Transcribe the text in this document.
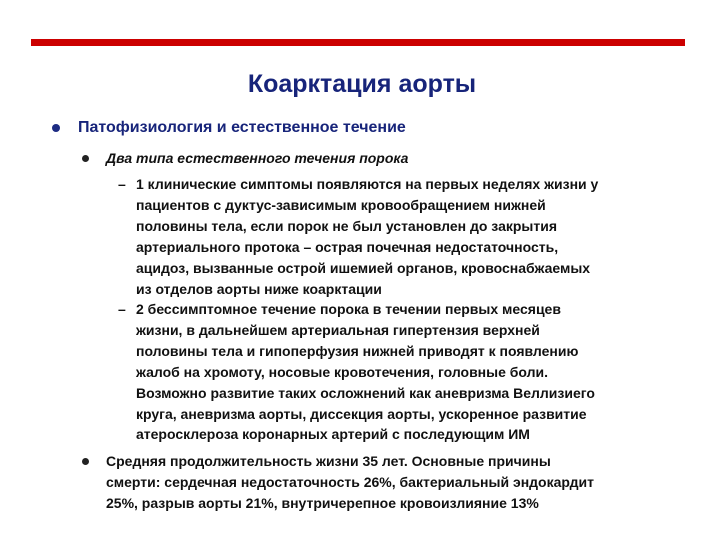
Коарктация аорты
Патофизиология и естественное течение
Два типа естественного течения порока
– 1 клинические симптомы появляются на первых неделях жизни у
пациентов с дуктус-зависимым кровообращением нижней
половины тела, если порок не был установлен до закрытия
артериального протока – острая почечная недостаточность,
ацидоз, вызванные острой ишемией органов, кровоснабжаемых
из отделов аорты ниже коарктации
– 2 бессимптомное течение порока в течении первых месяцев
жизни, в дальнейшем артериальная гипертензия верхней
половины тела и гипоперфузия нижней приводят к появлению
жалоб на хромоту, носовые кровотечения, головные боли.
Возможно развитие таких осложнений как аневризма Веллизиего
круга, аневризма аорты, диссекция аорты, ускоренное развитие
атеросклероза коронарных артерий с последующим ИМ
Средняя продолжительность жизни 35 лет. Основные причины
смерти: сердечная недостаточность 26%, бактериальный эндокардит
25%, разрыв аорты 21%, внутричерепное кровоизлияние 13%
